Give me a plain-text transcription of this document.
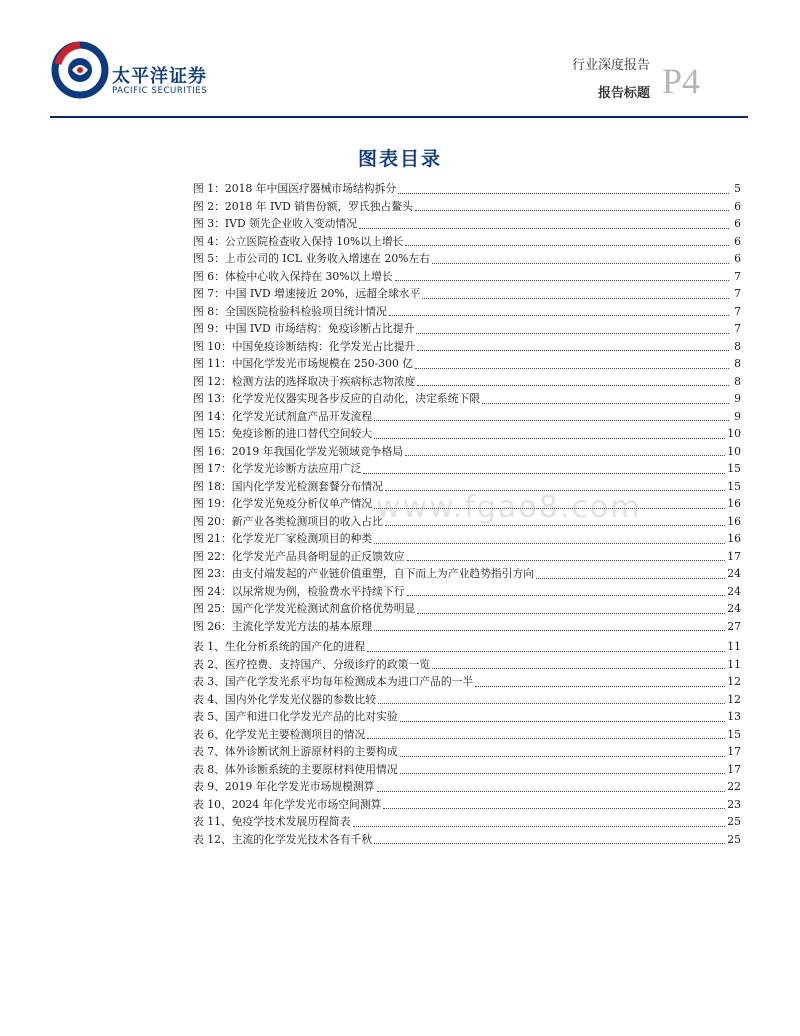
太平洋证券
PACIFIC SECURITIES
行业深度报告
报告标题 P4
图表目录
图 1：2018 年中国医疗器械市场结构拆分	5
图 2：2018 年 IVD 销售份额，罗氏独占鳌头	6
图 3：IVD 领先企业收入变动情况	6
图 4：公立医院检查收入保持 10%以上增长	6
图 5：上市公司的 ICL 业务收入增速在 20%左右	6
图 6：体检中心收入保持在 30%以上增长	7
图 7：中国 IVD 增速接近 20%，远超全球水平	7
图 8：全国医院检验科检验项目统计情况	7
图 9：中国 IVD 市场结构：免疫诊断占比提升	7
图 10：中国免疫诊断结构：化学发光占比提升	8
图 11：中国化学发光市场规模在 250-300 亿	8
图 12：检测方法的选择取决于疾病标志物浓度	8
图 13：化学发光仪器实现各步反应的自动化，决定系统下限	9
图 14：化学发光试剂盒产品开发流程	9
图 15：免疫诊断的进口替代空间较大	10
图 16：2019 年我国化学发光领域竞争格局	10
图 17：化学发光诊断方法应用广泛	15
图 18：国内化学发光检测套餐分布情况	15
图 19：化学发光免疫分析仪单产情况	16
图 20：新产业各类检测项目的收入占比	16
图 21：化学发光厂家检测项目的种类	16
图 22：化学发光产品具备明显的正反馈效应	17
图 23：由支付端发起的产业链价值重塑，自下而上为产业趋势指引方向	24
图 24：以尿常规为例，检验费水平持续下行	24
图 25：国产化学发光检测试剂盒价格优势明显	24
图 26：主流化学发光方法的基本原理	27
表 1、生化分析系统的国产化的进程	11
表 2、医疗控费、支持国产、分级诊疗的政策一览	11
表 3、国产化学发光系平均每年检测成本为进口产品的一半	12
表 4、国内外化学发光仪器的参数比较	12
表 5、国产和进口化学发光产品的比对实验	13
表 6、化学发光主要检测项目的情况	15
表 7、体外诊断试剂上游原材料的主要构成	17
表 8、体外诊断系统的主要原材料使用情况	17
表 9、2019 年化学发光市场规模测算	22
表 10、2024 年化学发光市场空间测算	23
表 11、免疫学技术发展历程简表	25
表 12、主流的化学发光技术各有千秋	25
www.fgao8.com
